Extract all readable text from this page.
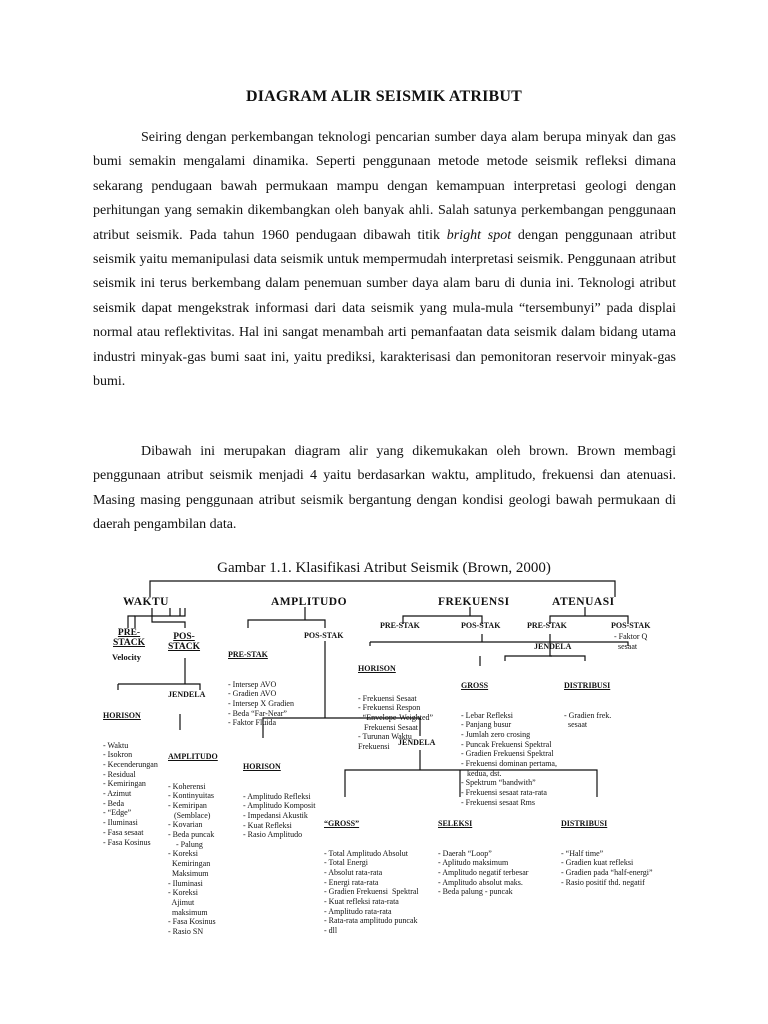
DIAGRAM ALIR SEISMIK ATRIBUT

Seiring dengan perkembangan teknologi pencarian sumber daya alam berupa minyak dan gas bumi semakin mengalami dinamika. Seperti penggunaan metode metode seismik refleksi dimana sekarang pendugaan bawah permukaan mampu dengan kemampuan interpretasi geologi dengan perhitungan yang semakin dikembangkan oleh banyak ahli. Salah satunya perkembangan penggunaan atribut seismik. Pada tahun 1960 pendugaan dibawah titik bright spot dengan penggunaan atribut seismik yaitu memanipulasi data seismik untuk mempermudah interpretasi seismik. Penggunaan atribut seismik ini terus berkembang dalam penemuan sumber daya alam baru di dunia ini. Teknologi atribut seismik dapat mengekstrak informasi dari data seismik yang mula-mula “tersembunyi” pada displai normal atau reflektivitas. Hal ini sangat menambah arti pemanfaatan data seismik dalam bidang utama industri minyak-gas bumi saat ini, yaitu prediksi, karakterisasi dan pemonitoran reservoir minyak-gas bumi.

Dibawah ini merupakan diagram alir yang dikemukakan oleh brown. Brown membagi penggunaan atribut seismik menjadi 4 yaitu berdasarkan waktu, amplitudo, frekuensi dan atenuasi. Masing masing penggunaan atribut seismik bergantung dengan kondisi geologi bawah permukaan di daerah pengambilan data.

Gambar 1.1. Klasifikasi Atribut Seismik (Brown, 2000)
WAKTU	AMPLITUDO	FREKUENSI	ATENUASI
PRE-
STACK
Velocity
POS-
STACK

HORISON

- Waktu
- Isokron
- Kecenderungan
- Residual
- Kemiringan
- Azimut
- Beda
- “Edge”
- Iluminasi
- Fasa sesaat
- Fasa Kosinus

JENDELA

AMPLITUDO

- Koherensi
- Kontinyuitas
- Kemiripan
(Semblace)
- Kovarian
- Beda puncak
- Palung
- Koreksi
Kemiringan
Maksimum
- Iluminasi
- Koreksi
Ajimut
maksimum
- Fasa Kosinus
- Rasio SN

PRE-STAK

- Intersep AVO
- Gradien AVO
- Intersep X Gradien
- Beda “Far-Near”
- Faktor Fluida

POS-STAK

HORISON

- Amplitudo Refleksi
- Amplitudo Komposit
- Impedansi Akustik
- Kuat Refleksi
- Rasio Amplitudo

JENDELA

“GROSS”

- Total Amplitudo Absolut
- Total Energi
- Absolut rata-rata
- Energi rata-rata
- Gradien Frekuensi  Spektral
- Kuat refleksi rata-rata
- Amplitudo rata-rata
- Rata-rata amplitudo puncak
- dll

SELEKSI

- Daerah “Loop”
- Aplitudo maksimum
- Amplitudo negatif terbesar
- Amplitudo absolut maks.
- Beda palung - puncak

DISTRIBUSI

- “Half time”
- Gradien kuat refleksi
- Gradien pada “half-energi”
- Rasio positif thd. negatif

PRE-STAK	POS-STAK

HORISON

- Frekuensi Sesaat
- Frekuensi Respon
- “Envelope-Weighted”
Frekuensi Sesaat
- Turunan Waktu
Frekuensi

PRE-STAK	POS-STAK
- Faktor Q
sesaat
JENDELA

GROSS

- Lebar Refleksi
- Panjang busur
- Jumlah zero crosing
- Puncak Frekuensi Spektral
- Gradien Frekuensi Spektral
- Frekuensi dominan pertama,
kedua, dst.
- Spektrum “bandwith”
- Frekuensi sesaat rata-rata
- Frekuensi sesaat Rms

DISTRIBUSI

- Gradien frek.
sesaat
